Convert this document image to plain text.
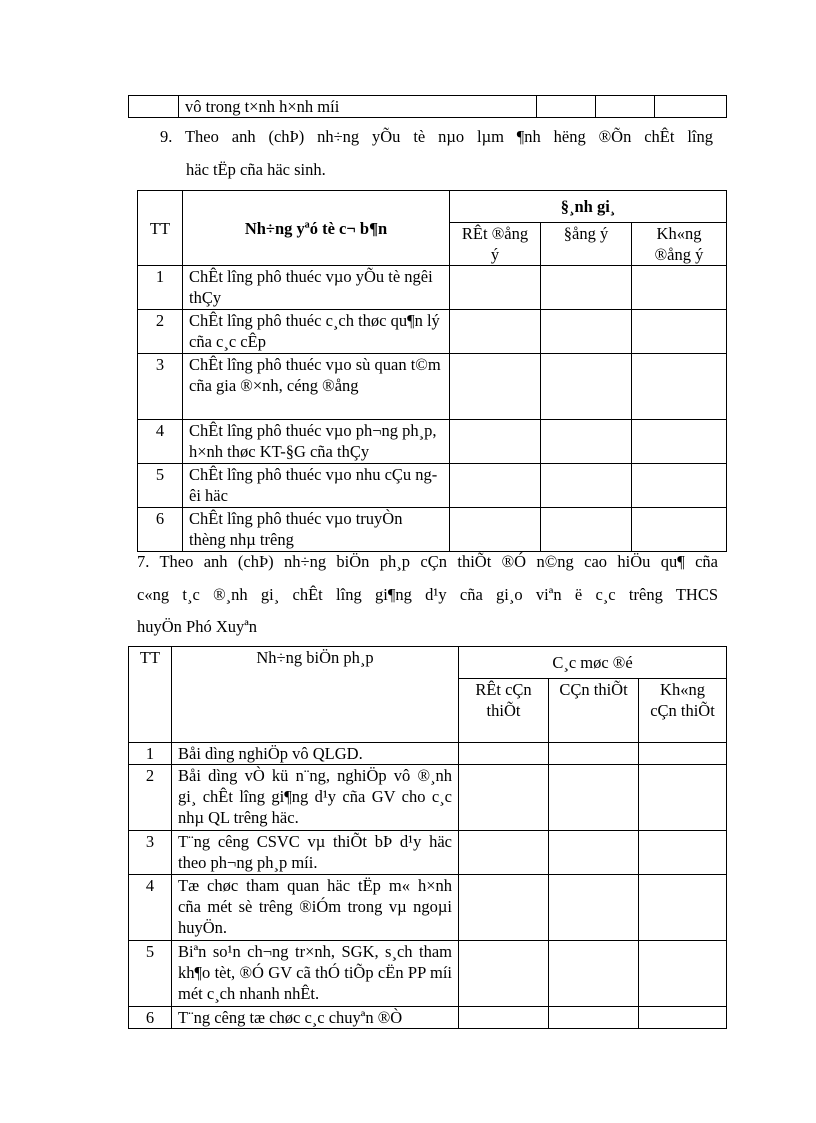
	vô trong t×nh h×nh míi			
9. Theo anh (chÞ) nh÷ng yÕu tè nµo lµm ¶nh hëng ®Õn chÊt lîng
häc tËp cña häc sinh.
TT	Nh÷ng yªó tè c¬ b¶n	§¸nh gi¸		
		RÊt ®ång ý	§ång ý	Kh«ng ®ång ý
1	ChÊt lîng phô thuéc vµo yÕu tè ngêi thÇy			
2	ChÊt lîng phô thuéc c¸ch thøc qu¶n lý cña c¸c cÊp			
3	ChÊt lîng phô thuéc vµo sù quan t©m cña gia ®×nh, céng ®ång			
4	ChÊt lîng phô thuéc vµo ph¬ng ph¸p, h×nh thøc KT-§G cña thÇy			
5	ChÊt lîng phô thuéc vµo nhu cÇu ngêi häc			
6	ChÊt lîng phô thuéc vµo truyÒn thèng nhµ trêng			
7. Theo anh (chÞ) nh÷ng biÖn ph¸p cÇn thiÕt ®Ó n©ng cao hiÖu qu¶ cña
c«ng t¸c ®¸nh gi¸ chÊt lîng gi¶ng d¹y cña gi¸o viªn ë c¸c trêng THCS
huyÖn Phó Xuyªn
TT	Nh÷ng biÖn ph¸p	C¸c møc ®é		
		RÊt cÇn thiÕt	CÇn thiÕt	Kh«ng cÇn thiÕt
1	Båi dìng nghiÖp vô QLGD.			
2	Båi dìng vÒ kü n¨ng, nghiÖp vô ®¸nh gi¸ chÊt lîng gi¶ng d¹y cña GV cho c¸c nhµ QL trêng häc.			
3	T¨ng cêng CSVC vµ thiÕt bÞ d¹y häc theo ph¬ng ph¸p míi.			
4	Tæ chøc tham quan häc tËp m« h×nh cña mét sè trêng ®iÓm trong vµ ngoµi huyÖn.			
5	Biªn so¹n ch¬ng tr×nh, SGK, s¸ch tham kh¶o tèt, ®Ó GV cã thÓ tiÕp cËn PP míi mét c¸ch nhanh nhÊt.			
6	T¨ng cêng tæ chøc c¸c chuyªn ®Ò			
